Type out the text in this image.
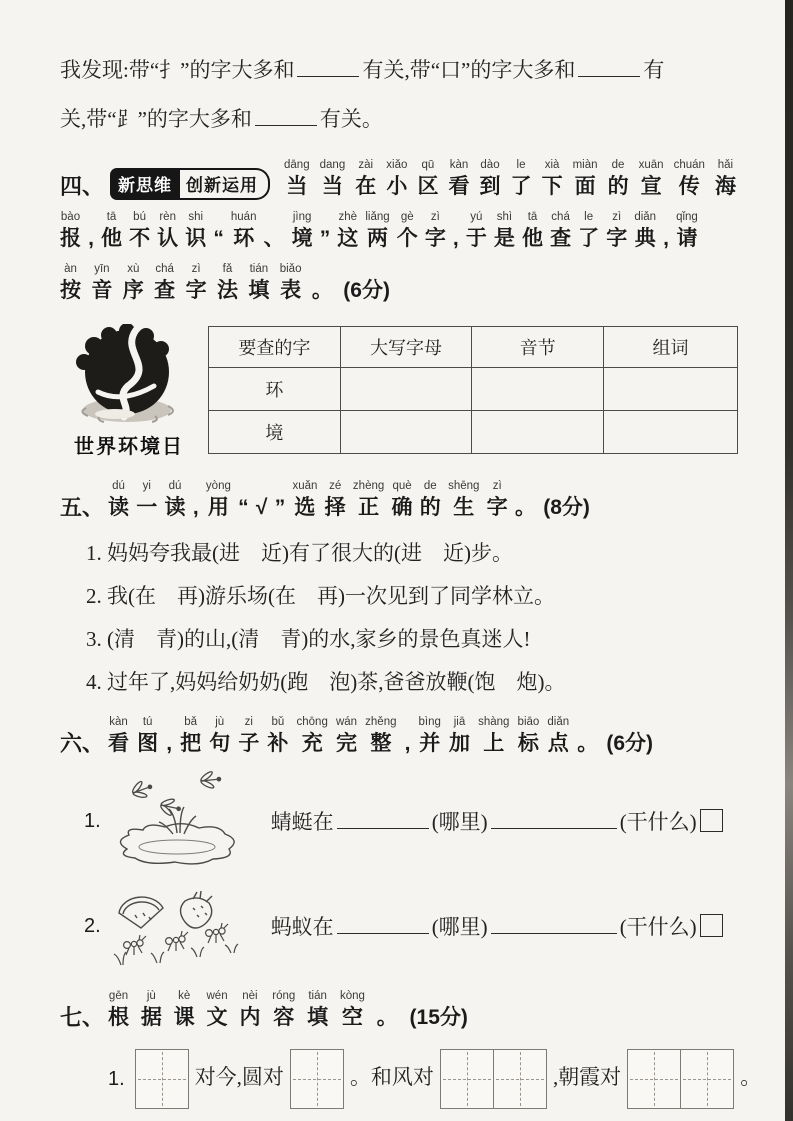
我发现:带“扌”的字大多和	有关,带“口”的字大多和	有
关,带“⻊”的字大多和	有关。
四、 新思维 创新运用
dāng
当
dang
当
zài
在
xiǎo
小
qū
区
kàn
看
dào
到
le
了
xià
下
miàn
面
de
的
xuān
宣
chuán
传
hǎi
海
bào
报
,
tā
他
bú
不
rèn
认
shi
识
“
huán
环
、
jìng
境
”
zhè
这
liǎng
两
gè
个
zì
字
,
yú
于
shì
是
tā
他
chá
查
le
了
zì
字
diǎn
典
,
qǐng
请
àn
按
yīn
音
xù
序
chá
查
zì
字
fǎ
法
tián
填
biǎo
表
。
(6分)
世界环境日
要查的字	大写字母	音节	组词
环			
境			
五、
dú
读
yi
一
dú
读
,
yòng
用
“
√
”
xuǎn
选
zé
择
zhèng
正
què
确
de
的
shēng
生
zì
字
。
(8分)
1. 妈妈夸我最(进　近)有了很大的(进　近)步。
2. 我(在　再)游乐场(在　再)一次见到了同学林立。
3. (清　青)的山,(清　青)的水,家乡的景色真迷人!
4. 过年了,妈妈给奶奶(跑　泡)茶,爸爸放鞭(饱　炮)。
六、
kàn
看
tú
图
,
bǎ
把
jù
句
zi
子
bǔ
补
chōng
充
wán
完
zhěng
整
,
bìng
并
jiā
加
shàng
上
biāo
标
diǎn
点
。
(6分)
1.	蜻蜓在	(哪里)	(干什么)
2.	蚂蚁在	(哪里)	(干什么)
七、
gēn
根
jù
据
kè
课
wén
文
nèi
内
róng
容
tián
填
kòng
空
。
(15分)
1.	对今,圆对	。和风对	,朝霞对	。
